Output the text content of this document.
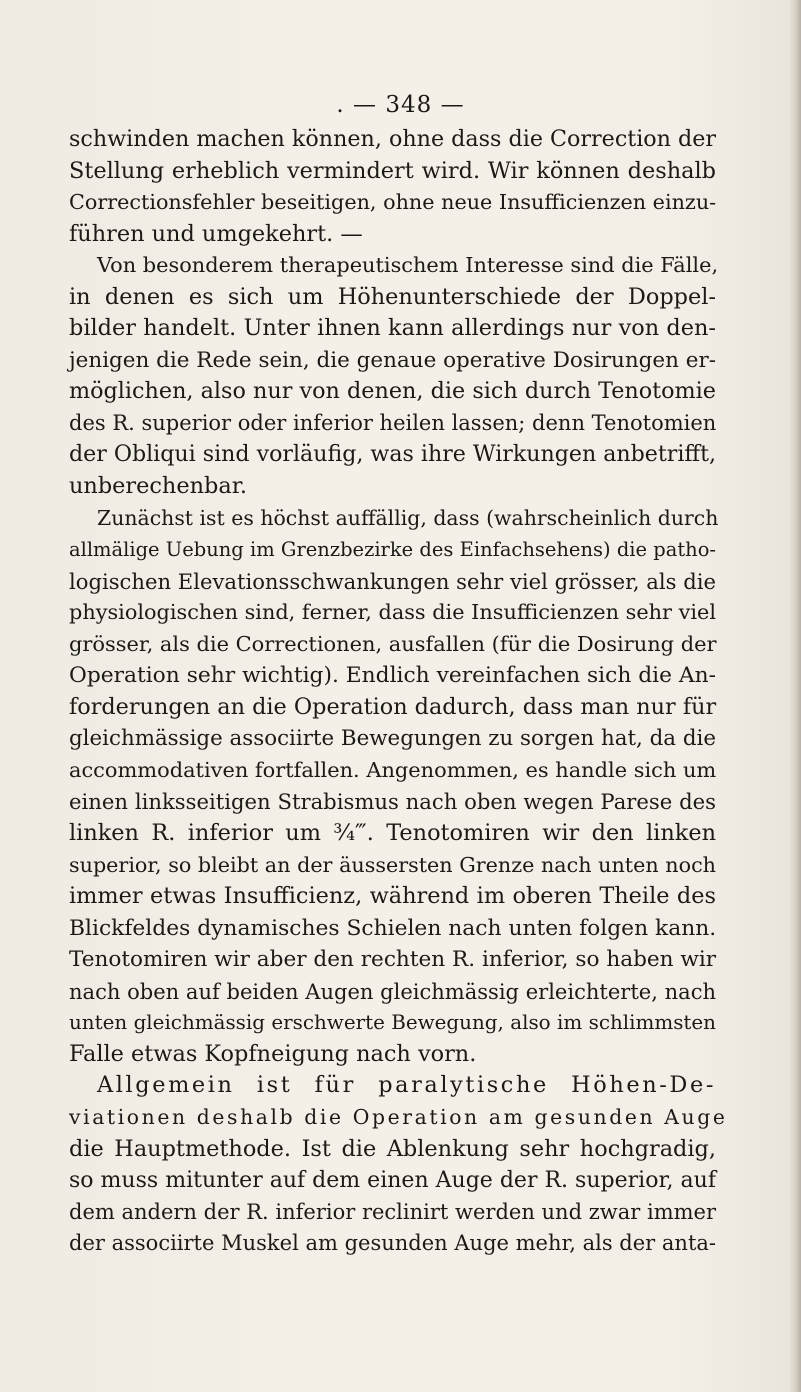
. — 348 —
schwinden machen können, ohne dass die Correction der
Stellung erheblich vermindert wird. Wir können deshalb
Correctionsfehler beseitigen, ohne neue Insufficienzen einzu-
führen und umgekehrt. —
Von besonderem therapeutischem Interesse sind die Fälle,
in denen es sich um Höhenunterschiede der Doppel-
bilder handelt. Unter ihnen kann allerdings nur von den-
jenigen die Rede sein, die genaue operative Dosirungen er-
möglichen, also nur von denen, die sich durch Tenotomie
des R. superior oder inferior heilen lassen; denn Tenotomien
der Obliqui sind vorläufig, was ihre Wirkungen anbetrifft,
unberechenbar.
Zunächst ist es höchst auffällig, dass (wahrscheinlich durch
allmälige Uebung im Grenzbezirke des Einfachsehens) die patho-
logischen Elevationsschwankungen sehr viel grösser, als die
physiologischen sind, ferner, dass die Insufficienzen sehr viel
grösser, als die Correctionen, ausfallen (für die Dosirung der
Operation sehr wichtig). Endlich vereinfachen sich die An-
forderungen an die Operation dadurch, dass man nur für
gleichmässige associirte Bewegungen zu sorgen hat, da die
accommodativen fortfallen. Angenommen, es handle sich um
einen linksseitigen Strabismus nach oben wegen Parese des
linken R. inferior um ¾‴. Tenotomiren wir den linken
superior, so bleibt an der äussersten Grenze nach unten noch
immer etwas Insufficienz, während im oberen Theile des
Blickfeldes dynamisches Schielen nach unten folgen kann.
Tenotomiren wir aber den rechten R. inferior, so haben wir
nach oben auf beiden Augen gleichmässig erleichterte, nach
unten gleichmässig erschwerte Bewegung, also im schlimmsten
Falle etwas Kopfneigung nach vorn.
Allgemein ist für paralytische Höhen-De-
viationen deshalb die Operation am gesunden Auge
die Hauptmethode. Ist die Ablenkung sehr hochgradig,
so muss mitunter auf dem einen Auge der R. superior, auf
dem andern der R. inferior reclinirt werden und zwar immer
der associirte Muskel am gesunden Auge mehr, als der anta-
